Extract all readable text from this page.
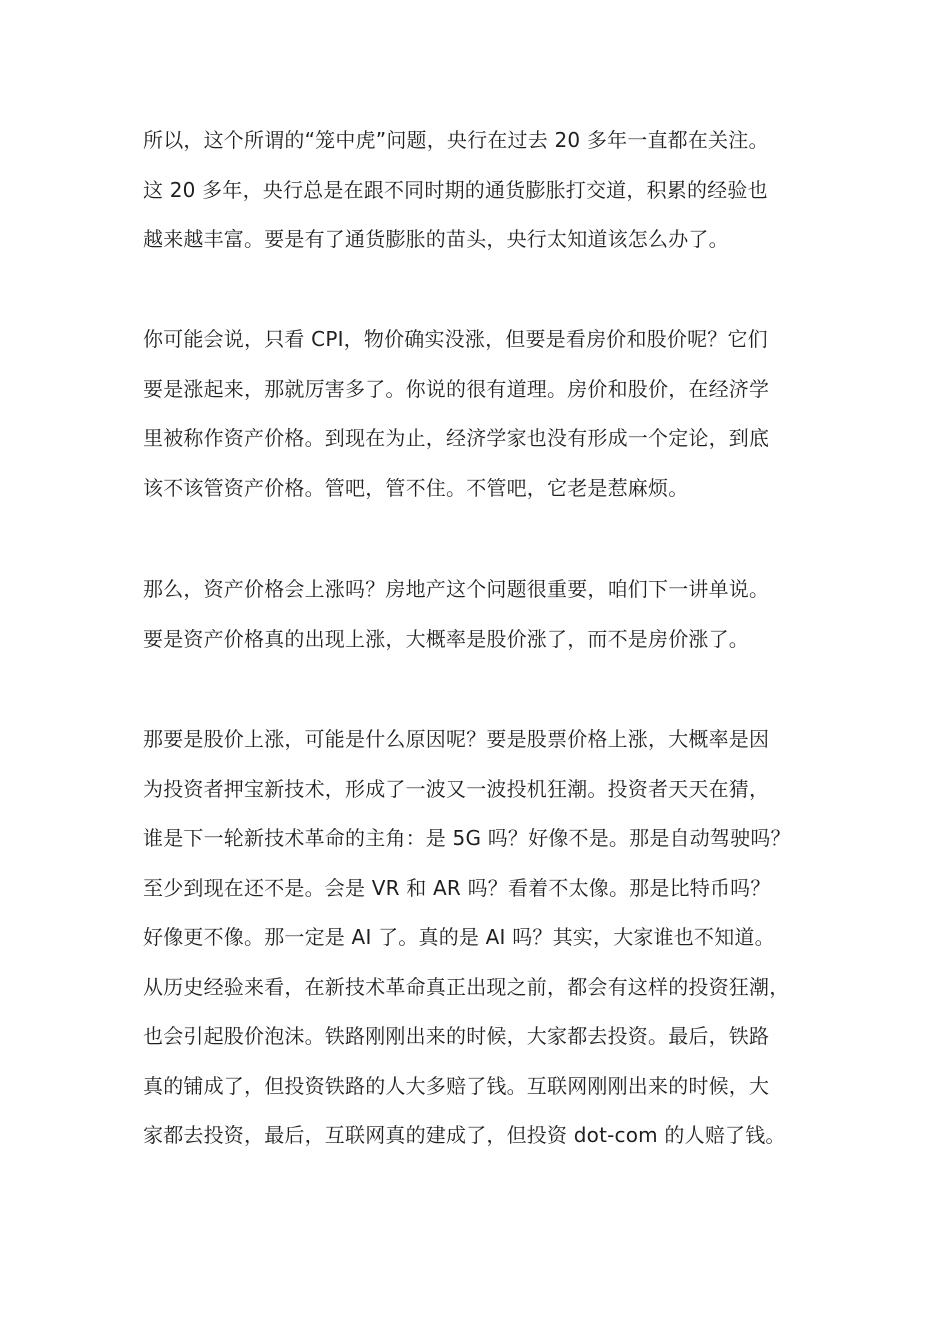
所以，这个所谓的“笼中虎”问题，央行在过去 20 多年一直都在关注。
这 20 多年，央行总是在跟不同时期的通货膨胀打交道，积累的经验也
越来越丰富。要是有了通货膨胀的苗头，央行太知道该怎么办了。
你可能会说，只看 CPI，物价确实没涨，但要是看房价和股价呢？它们
要是涨起来，那就厉害多了。你说的很有道理。房价和股价，在经济学
里被称作资产价格。到现在为止，经济学家也没有形成一个定论，到底
该不该管资产价格。管吧，管不住。不管吧，它老是惹麻烦。
那么，资产价格会上涨吗？房地产这个问题很重要，咱们下一讲单说。
要是资产价格真的出现上涨，大概率是股价涨了，而不是房价涨了。
那要是股价上涨，可能是什么原因呢？要是股票价格上涨，大概率是因
为投资者押宝新技术，形成了一波又一波投机狂潮。投资者天天在猜，
谁是下一轮新技术革命的主角：是 5G 吗？好像不是。那是自动驾驶吗？
至少到现在还不是。会是 VR 和 AR 吗？看着不太像。那是比特币吗？
好像更不像。那一定是 AI 了。真的是 AI 吗？其实，大家谁也不知道。
从历史经验来看，在新技术革命真正出现之前，都会有这样的投资狂潮，
也会引起股价泡沫。铁路刚刚出来的时候，大家都去投资。最后，铁路
真的铺成了，但投资铁路的人大多赔了钱。互联网刚刚出来的时候，大
家都去投资，最后，互联网真的建成了，但投资 dot-com 的人赔了钱。
